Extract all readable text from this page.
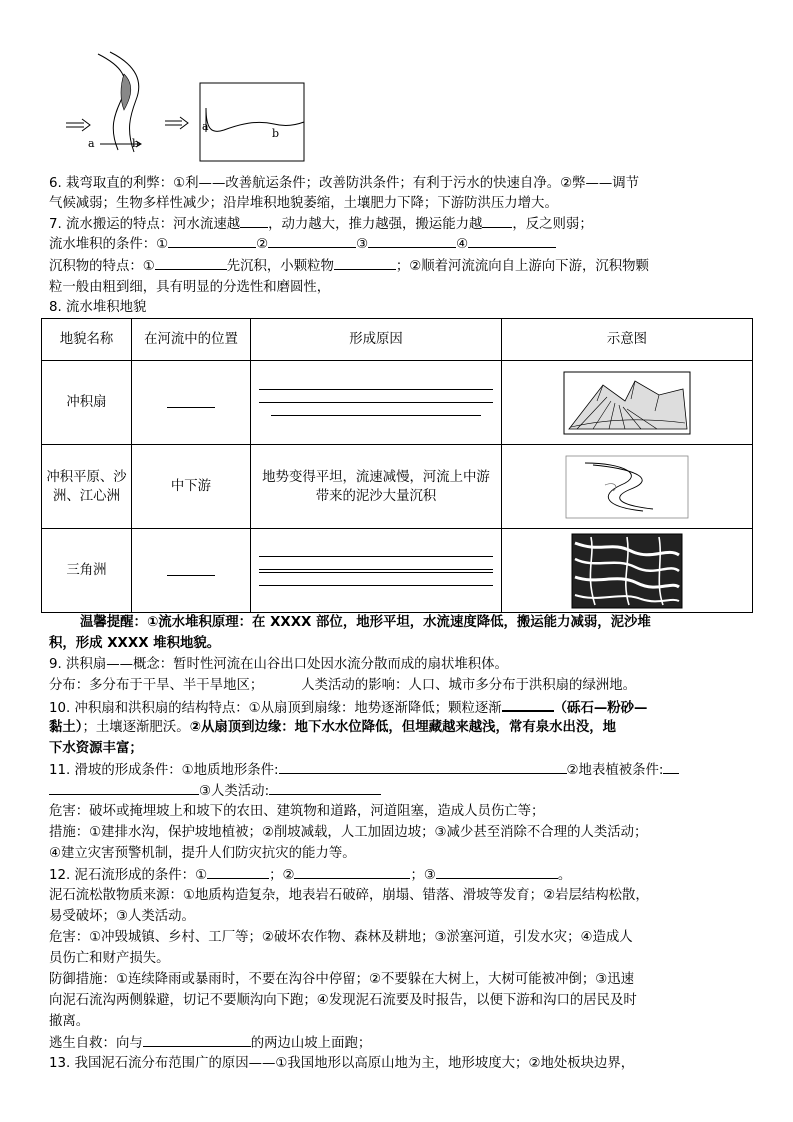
a	b
a
b
6. 栽弯取直的利弊：①利——改善航运条件；改善防洪条件；有利于污水的快速自净。②弊——调节
气候减弱；生物多样性减少；沿岸堆积地貌萎缩，土壤肥力下降；下游防洪压力增大。
7. 流水搬运的特点：河水流速越 ，动力越大，推力越强，搬运能力越 ，反之则弱；
流水堆积的条件：①	②	③	④
沉积物的特点：①	先沉积，小颗粒物	；②顺着河流流向自上游向下游，沉积物颗
粒一般由粗到细，具有明显的分选性和磨圆性，
8. 流水堆积地貌
地貌名称	在河流中的位置	形成原因	示意图
冲积扇	

冲积平原、沙洲、江心洲	中下游	地势变得平坦，流速减慢，河流上中游带来的泥沙大量沉积	

三角洲	

温馨提醒：①流水堆积原理：在 XXXX 部位，地形平坦，水流速度降低，搬运能力减弱，泥沙堆
积，形成 XXXX 堆积地貌。
9. 洪积扇——概念：暂时性河流在山谷出口处因水流分散而成的扇状堆积体。
分布：多分布于干旱、半干旱地区；	人类活动的影响：人口、城市多分布于洪积扇的绿洲地。
10. 冲积扇和洪积扇的结构特点：①从扇顶到扇缘：地势逐渐降低；颗粒逐渐	（砾石—粉砂—
黏土）；土壤逐渐肥沃。②从扇顶到边缘：地下水水位降低，但埋藏越来越浅，常有泉水出没，地
下水资源丰富；
11. 滑坡的形成条件：①地质地形条件:	②地表植被条件:
③人类活动:
危害：破坏或掩埋坡上和坡下的农田、建筑物和道路，河道阻塞，造成人员伤亡等；
措施：①建排水沟，保护坡地植被；②削坡减载，人工加固边坡；③减少甚至消除不合理的人类活动；
④建立灾害预警机制，提升人们防灾抗灾的能力等。
12. 泥石流形成的条件：①	；②	；③	。
泥石流松散物质来源：①地质构造复杂，地表岩石破碎，崩塌、错落、滑坡等发育；②岩层结构松散，
易受破坏；③人类活动。
危害：①冲毁城镇、乡村、工厂等；②破坏农作物、森林及耕地；③淤塞河道，引发水灾；④造成人
员伤亡和财产损失。
防御措施：①连续降雨或暴雨时，不要在沟谷中停留；②不要躲在大树上，大树可能被冲倒；③迅速
向泥石流沟两侧躲避，切记不要顺沟向下跑；④发现泥石流要及时报告，以便下游和沟口的居民及时
撤离。
逃生自救：向与	的两边山坡上面跑；
13. 我国泥石流分布范围广的原因——①我国地形以高原山地为主，地形坡度大；②地处板块边界，
